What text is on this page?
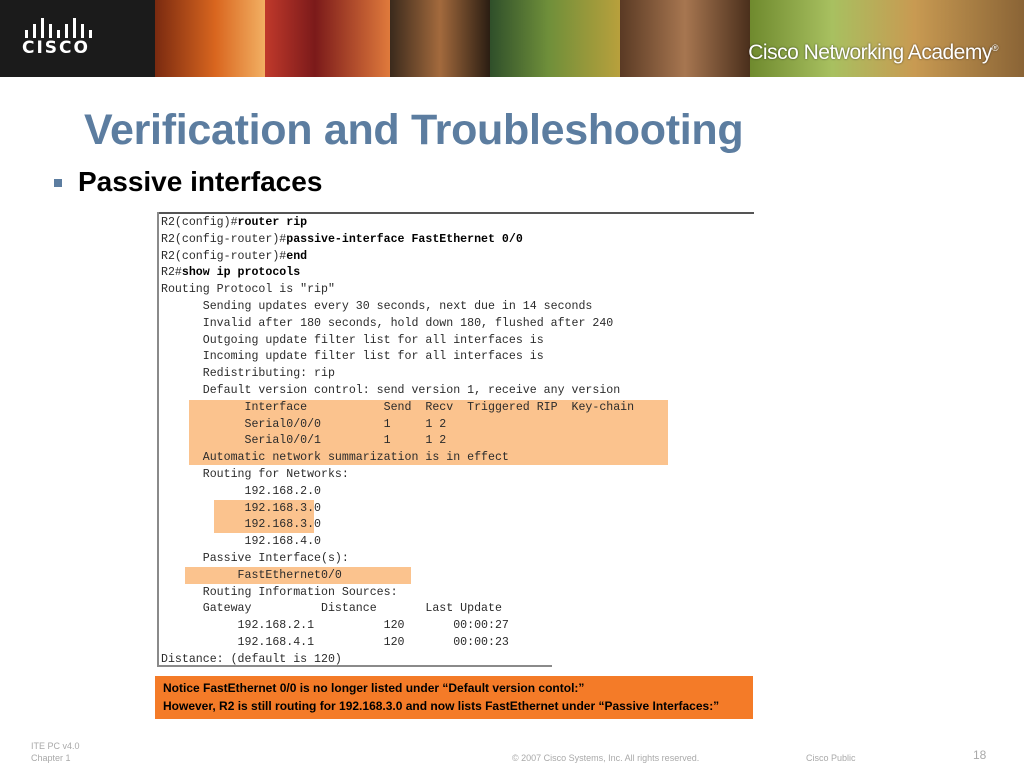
CISCO	Cisco Networking Academy®
Verification and Troubleshooting
Passive interfaces
R2(config)#router rip
R2(config-router)#passive-interface FastEthernet 0/0
R2(config-router)#end
R2#show ip protocols
Routing Protocol is "rip"
Sending updates every 30 seconds, next due in 14 seconds
Invalid after 180 seconds, hold down 180, flushed after 240
Outgoing update filter list for all interfaces is
Incoming update filter list for all interfaces is
Redistributing: rip
Default version control: send version 1, receive any version
Interface           Send  Recv  Triggered RIP  Key-chain
Serial0/0/0         1     1 2
Serial0/0/1         1     1 2
Automatic network summarization is in effect
Routing for Networks:
192.168.2.0
192.168.3.0
192.168.3.0
192.168.4.0
Passive Interface(s):
FastEthernet0/0
Routing Information Sources:
Gateway          Distance       Last Update
192.168.2.1          120       00:00:27
192.168.4.1          120       00:00:23
Distance: (default is 120)
Notice FastEthernet 0/0 is no longer listed under “Default version contol:”
However, R2 is still routing for 192.168.3.0 and now lists FastEthernet under “Passive Interfaces:”
ITE PC v4.0
Chapter 1	© 2007 Cisco Systems, Inc. All rights reserved.	Cisco Public	18
